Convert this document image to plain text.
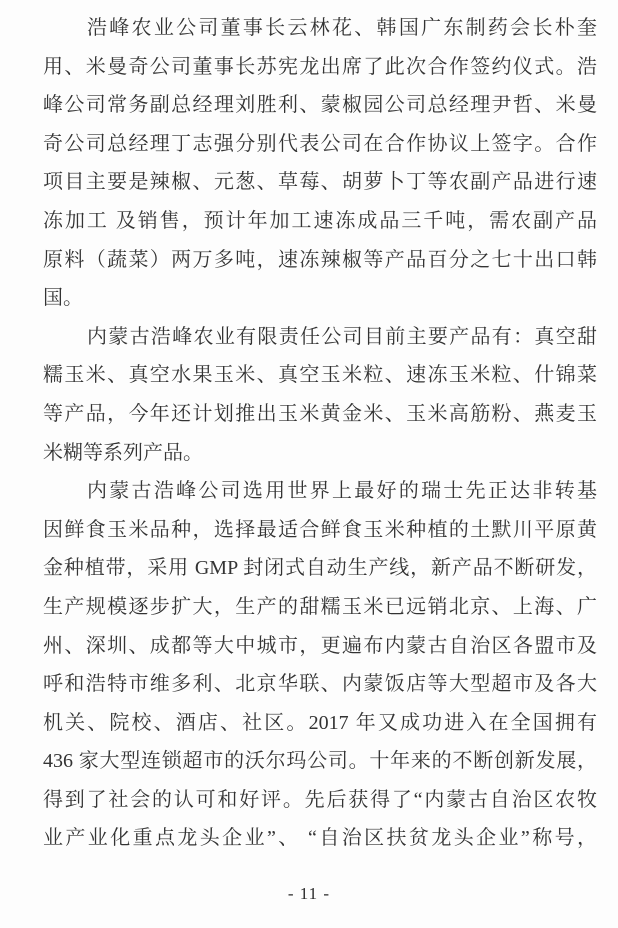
浩峰农业公司董事长云林花、韩国广东制药会长朴奎
用、米曼奇公司董事长苏宪龙出席了此次合作签约仪式。浩
峰公司常务副总经理刘胜利、蒙椒园公司总经理尹哲、米曼
奇公司总经理丁志强分别代表公司在合作协议上签字。合作
项目主要是辣椒、元葱、草莓、胡萝卜丁等农副产品进行速
冻加工 及销售，预计年加工速冻成品三千吨，需农副产品
原料（蔬菜）两万多吨，速冻辣椒等产品百分之七十出口韩
国。
内蒙古浩峰农业有限责任公司目前主要产品有：真空甜
糯玉米、真空水果玉米、真空玉米粒、速冻玉米粒、什锦菜
等产品，今年还计划推出玉米黄金米、玉米高筋粉、燕麦玉
米糊等系列产品。
内蒙古浩峰公司选用世界上最好的瑞士先正达非转基
因鲜食玉米品种，选择最适合鲜食玉米种植的土默川平原黄
金种植带，采用 GMP 封闭式自动生产线，新产品不断研发，
生产规模逐步扩大，生产的甜糯玉米已远销北京、上海、广
州、深圳、成都等大中城市，更遍布内蒙古自治区各盟市及
呼和浩特市维多利、北京华联、内蒙饭店等大型超市及各大
机关、院校、酒店、社区。2017 年又成功进入在全国拥有
436 家大型连锁超市的沃尔玛公司。十年来的不断创新发展，
得到了社会的认可和好评。先后获得了“内蒙古自治区农牧
业产业化重点龙头企业”、 “自治区扶贫龙头企业”称号，
- 11 -
